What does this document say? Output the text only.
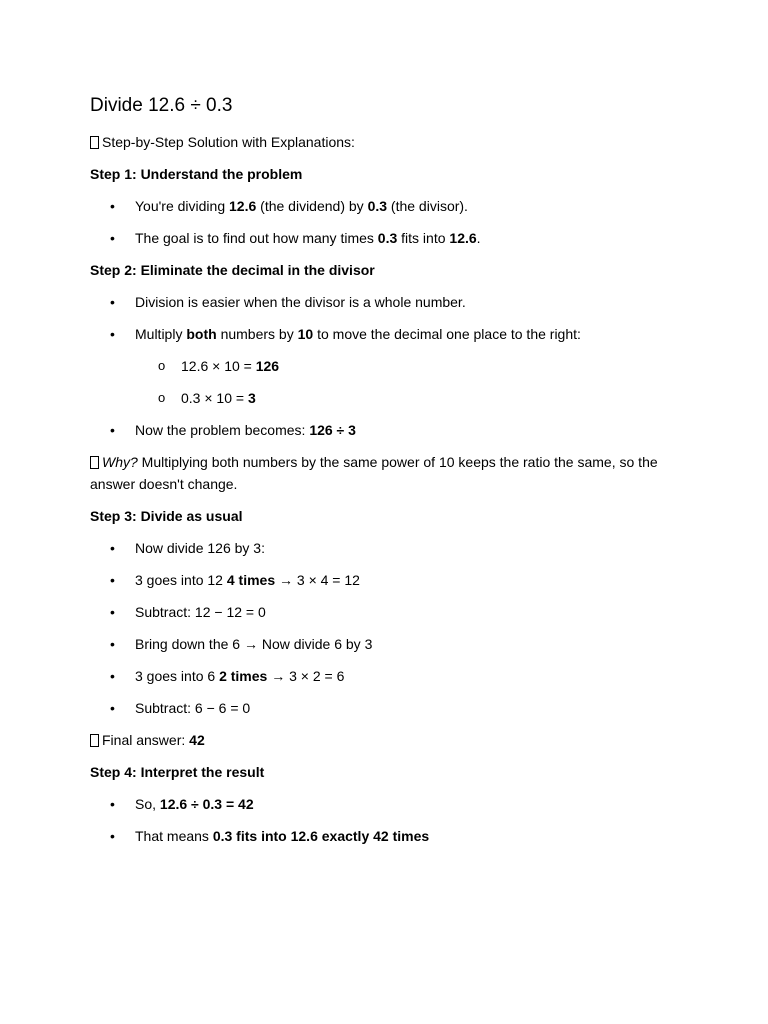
Divide 12.6 ÷ 0.3
Step-by-Step Solution with Explanations:
Step 1: Understand the problem
• You're dividing 12.6 (the dividend) by 0.3 (the divisor).
• The goal is to find out how many times 0.3 fits into 12.6.
Step 2: Eliminate the decimal in the divisor
• Division is easier when the divisor is a whole number.
• Multiply both numbers by 10 to move the decimal one place to the right:
o 12.6 × 10 = 126
o 0.3 × 10 = 3
• Now the problem becomes: 126 ÷ 3
Why? Multiplying both numbers by the same power of 10 keeps the ratio the same, so the answer doesn't change.
Step 3: Divide as usual
• Now divide 126 by 3:
• 3 goes into 12 4 times → 3 × 4 = 12
• Subtract: 12 − 12 = 0
• Bring down the 6 → Now divide 6 by 3
• 3 goes into 6 2 times → 3 × 2 = 6
• Subtract: 6 − 6 = 0
Final answer: 42
Step 4: Interpret the result
• So, 12.6 ÷ 0.3 = 42
• That means 0.3 fits into 12.6 exactly 42 times
